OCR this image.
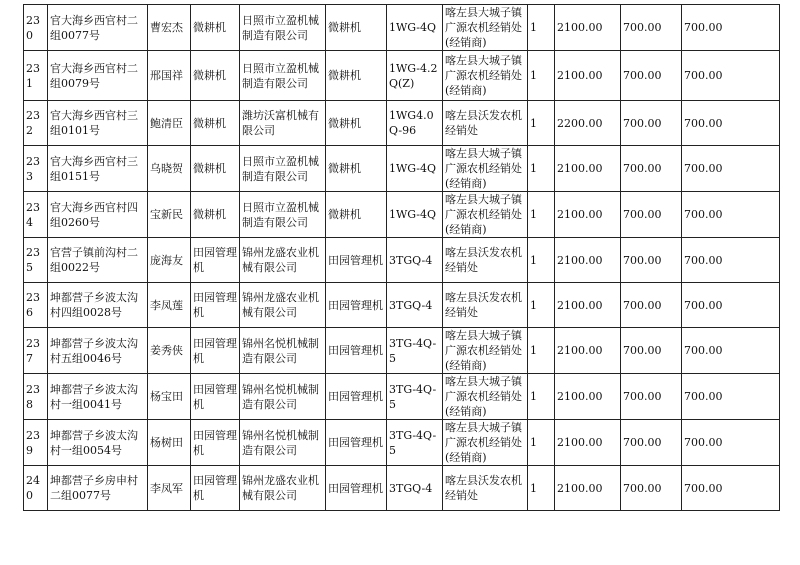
230	官大海乡西官村二组0077号	曹宏杰	微耕机	日照市立盈机械制造有限公司	微耕机	1WG-4Q	喀左县大城子镇广源农机经销处(经销商)	1	2100.00	700.00	700.00
231	官大海乡西官村二组0079号	邢国祥	微耕机	日照市立盈机械制造有限公司	微耕机	1WG-4.2Q(Z)	喀左县大城子镇广源农机经销处(经销商)	1	2100.00	700.00	700.00
232	官大海乡西官村三组0101号	鲍清臣	微耕机	潍坊沃富机械有限公司	微耕机	1WG4.0Q-96	喀左县沃发农机经销处	1	2200.00	700.00	700.00
233	官大海乡西官村三组0151号	乌晓贺	微耕机	日照市立盈机械制造有限公司	微耕机	1WG-4Q	喀左县大城子镇广源农机经销处(经销商)	1	2100.00	700.00	700.00
234	官大海乡西官村四组0260号	宝新民	微耕机	日照市立盈机械制造有限公司	微耕机	1WG-4Q	喀左县大城子镇广源农机经销处(经销商)	1	2100.00	700.00	700.00
235	官营子镇前沟村二组0022号	庞海友	田园管理机	锦州龙盛农业机械有限公司	田园管理机	3TGQ-4	喀左县沃发农机经销处	1	2100.00	700.00	700.00
236	坤都营子乡波太沟村四组0028号	李凤莲	田园管理机	锦州龙盛农业机械有限公司	田园管理机	3TGQ-4	喀左县沃发农机经销处	1	2100.00	700.00	700.00
237	坤都营子乡波太沟村五组0046号	姜秀侠	田园管理机	锦州名悦机械制造有限公司	田园管理机	3TG-4Q-5	喀左县大城子镇广源农机经销处(经销商)	1	2100.00	700.00	700.00
238	坤都营子乡波太沟村一组0041号	杨宝田	田园管理机	锦州名悦机械制造有限公司	田园管理机	3TG-4Q-5	喀左县大城子镇广源农机经销处(经销商)	1	2100.00	700.00	700.00
239	坤都营子乡波太沟村一组0054号	杨树田	田园管理机	锦州名悦机械制造有限公司	田园管理机	3TG-4Q-5	喀左县大城子镇广源农机经销处(经销商)	1	2100.00	700.00	700.00
240	坤都营子乡房申村二组0077号	李凤军	田园管理机	锦州龙盛农业机械有限公司	田园管理机	3TGQ-4	喀左县沃发农机经销处	1	2100.00	700.00	700.00
